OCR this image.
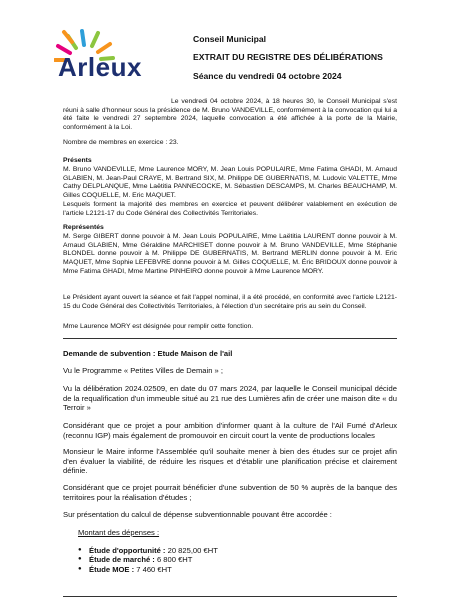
Arleux
Conseil Municipal
EXTRAIT DU REGISTRE DES DÉLIBÉRATIONS
Séance du vendredi 04 octobre 2024

Le vendredi 04 octobre 2024, à 18 heures 30, le Conseil Municipal s'est réuni à salle d'honneur sous la présidence de M. Bruno VANDEVILLE, conformément à la convocation qui lui a été faite le vendredi 27 septembre 2024, laquelle convocation a été affichée à la porte de la Mairie, conformément à la Loi.

Nombre de membres en exercice : 23.

Présents

M. Bruno VANDEVILLE, Mme Laurence MORY, M. Jean Louis POPULAIRE, Mme Fatima GHADI, M. Arnaud GLABIEN, M. Jean-Paul CRAYE, M. Bertrand SIX, M. Philippe DE GUBERNATIS, M. Ludovic VALETTE, Mme Cathy DELPLANQUE, Mme Laëtitia PANNECOCKE, M. Sébastien DESCAMPS, M. Charles BEAUCHAMP, M. Gilles COQUELLE, M. Eric MAQUET.

Lesquels forment la majorité des membres en exercice et peuvent délibérer valablement en exécution de l'article L2121-17 du Code Général des Collectivités Territoriales.

Représentés

M. Serge GIBERT donne pouvoir à M. Jean Louis POPULAIRE, Mme Laëtitia LAURENT donne pouvoir à M. Arnaud GLABIEN, Mme Géraldine MARCHISET donne pouvoir à M. Bruno VANDEVILLE, Mme Stéphanie BLONDEL donne pouvoir à M. Philippe DE GUBERNATIS, M. Bertrand MERLIN donne pouvoir à M. Eric MAQUET, Mme Sophie LEFEBVRE donne pouvoir à M. Gilles COQUELLE, M. Éric BRIDOUX donne pouvoir à Mme Fatima GHADI, Mme Martine PINHEIRO donne pouvoir à Mme Laurence MORY.

Le Président ayant ouvert la séance et fait l'appel nominal, il a été procédé, en conformité avec l'article L2121-15 du Code Général des Collectivités Territoriales, à l'élection d'un secrétaire pris au sein du Conseil.

Mme Laurence MORY est désignée pour remplir cette fonction.

Demande de subvention : Etude Maison de l'ail

Vu le Programme « Petites Villes de Demain » ;

Vu la délibération 2024.02509, en date du 07 mars 2024, par laquelle le Conseil municipal décide de la requalification d'un immeuble situé au 21 rue des Lumières afin de créer une maison dite « du Terroir »

Considérant que ce projet a pour ambition d'informer quant à la culture de l'Ail Fumé d'Arleux (reconnu IGP) mais également de promouvoir en circuit court la vente de productions locales

Monsieur le Maire informe l'Assemblée qu'il souhaite mener à bien des études sur ce projet afin d'en évaluer la viabilité, de réduire les risques et d'établir une planification précise et clairement définie.

Considérant que ce projet pourrait bénéficier d'une subvention de 50 % auprès de la banque des territoires pour la réalisation d'études ;

Sur présentation du calcul de dépense subventionnable pouvant être accordée :

Montant des dépenses :

● Étude d'opportunité : 20 825,00 €HT
● Étude de marché : 6 800 €HT
● Étude MOE : 7 460 €HT
